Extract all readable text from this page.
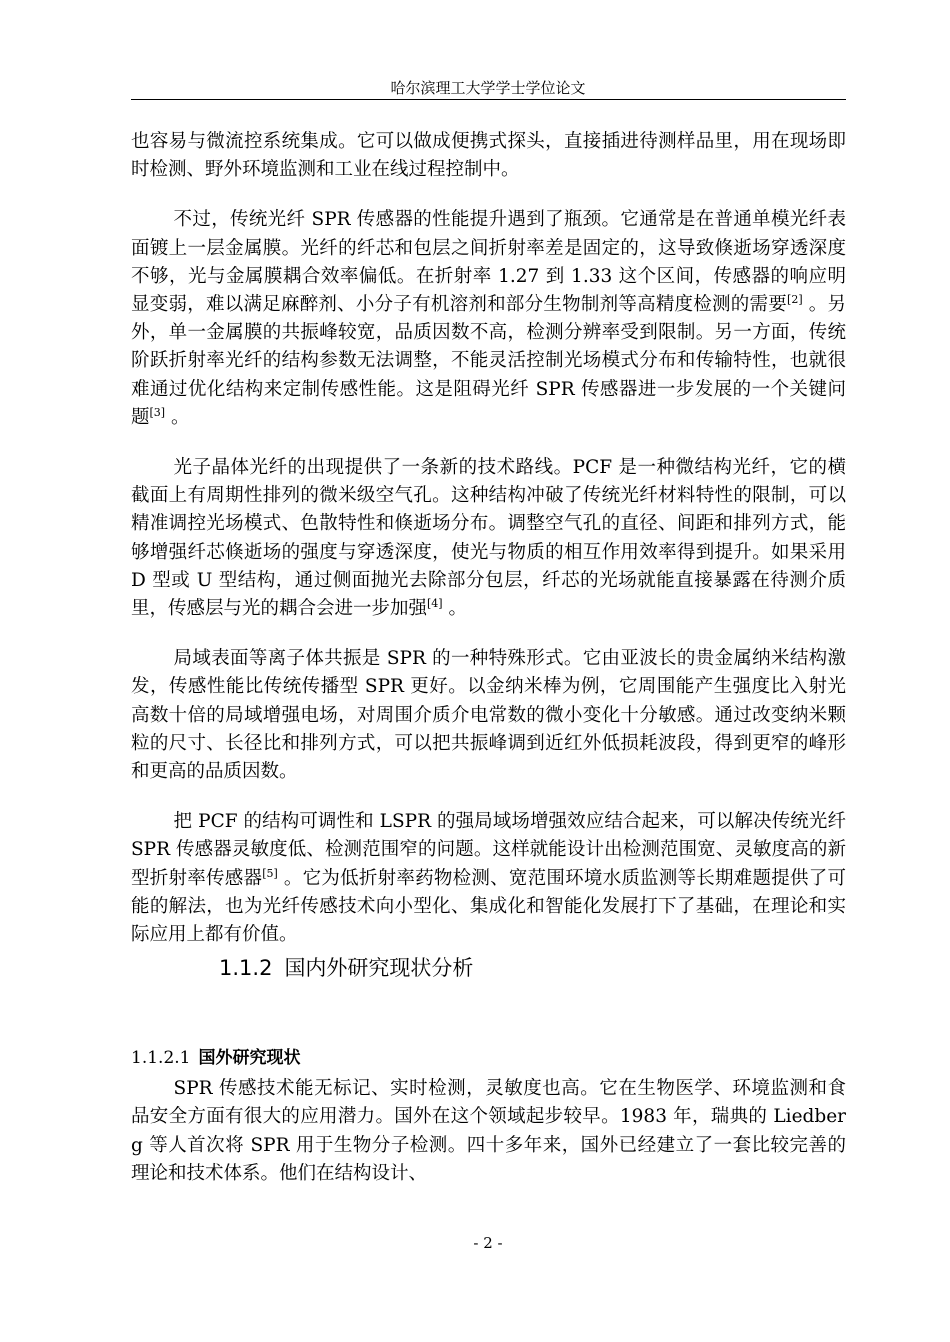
哈尔滨理工大学学士学位论文

也容易与微流控系统集成。它可以做成便携式探头，直接插进待测样品里，用在现场即时检测、野外环境监测和工业在线过程控制中。

不过，传统光纤 SPR 传感器的性能提升遇到了瓶颈。它通常是在普通单模光纤表面镀上一层金属膜。光纤的纤芯和包层之间折射率差是固定的，这导致倏逝场穿透深度不够，光与金属膜耦合效率偏低。在折射率 1.27 到 1.33 这个区间，传感器的响应明显变弱，难以满足麻醉剂、小分子有机溶剂和部分生物制剂等高精度检测的需要[2] 。另外，单一金属膜的共振峰较宽，品质因数不高，检测分辨率受到限制。另一方面，传统阶跃折射率光纤的结构参数无法调整，不能灵活控制光场模式分布和传输特性，也就很难通过优化结构来定制传感性能。这是阻碍光纤 SPR 传感器进一步发展的一个关键问题[3] 。

光子晶体光纤的出现提供了一条新的技术路线。PCF 是一种微结构光纤，它的横截面上有周期性排列的微米级空气孔。这种结构冲破了传统光纤材料特性的限制，可以精准调控光场模式、色散特性和倏逝场分布。调整空气孔的直径、间距和排列方式，能够增强纤芯倏逝场的强度与穿透深度，使光与物质的相互作用效率得到提升。如果采用 D 型或 U 型结构，通过侧面抛光去除部分包层，纤芯的光场就能直接暴露在待测介质里，传感层与光的耦合会进一步加强[4] 。

局域表面等离子体共振是 SPR 的一种特殊形式。它由亚波长的贵金属纳米结构激发，传感性能比传统传播型 SPR 更好。以金纳米棒为例，它周围能产生强度比入射光高数十倍的局域增强电场，对周围介质介电常数的微小变化十分敏感。通过改变纳米颗粒的尺寸、长径比和排列方式，可以把共振峰调到近红外低损耗波段，得到更窄的峰形和更高的品质因数。

把 PCF 的结构可调性和 LSPR 的强局域场增强效应结合起来，可以解决传统光纤 SPR 传感器灵敏度低、检测范围窄的问题。这样就能设计出检测范围宽、灵敏度高的新型折射率传感器[5] 。它为低折射率药物检测、宽范围环境水质监测等长期难题提供了可能的解法，也为光纤传感技术向小型化、集成化和智能化发展打下了基础，在理论和实际应用上都有价值。

1.1.2 国内外研究现状分析
1.1.2.1 国外研究现状

SPR 传感技术能无标记、实时检测，灵敏度也高。它在生物医学、环境监测和食品安全方面有很大的应用潜力。国外在这个领域起步较早。1983 年，瑞典的 Liedberg 等人首次将 SPR 用于生物分子检测。四十多年来，国外已经建立了一套比较完善的理论和技术体系。他们在结构设计、

- 2 -
